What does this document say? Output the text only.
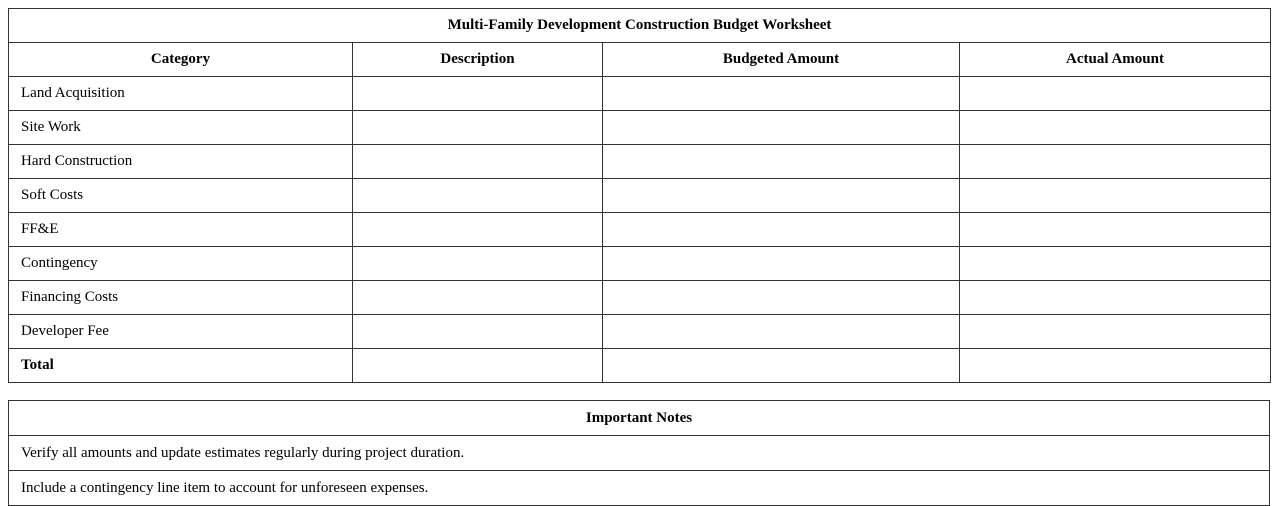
Multi-Family Development Construction Budget Worksheet			
Category	Description	Budgeted Amount	Actual Amount
Land Acquisition			
Site Work			
Hard Construction			
Soft Costs			
FF&E			
Contingency			
Financing Costs			
Developer Fee			
Total			
Important Notes
Verify all amounts and update estimates regularly during project duration.
Include a contingency line item to account for unforeseen expenses.
